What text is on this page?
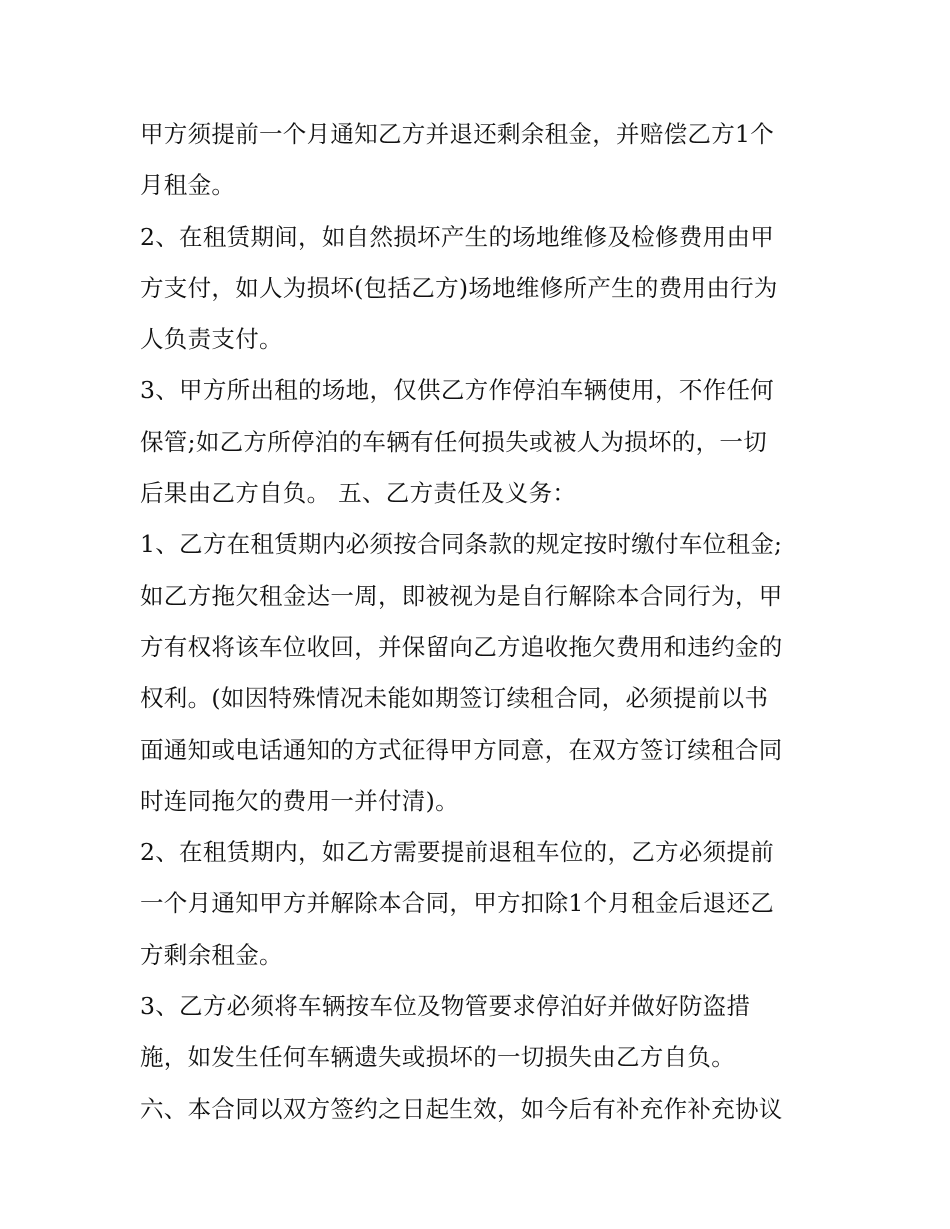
甲方须提前一个月通知乙方并退还剩余租金，并赔偿乙方1个
月租金。
2、在租赁期间，如自然损坏产生的场地维修及检修费用由甲
方支付，如人为损坏(包括乙方)场地维修所产生的费用由行为
人负责支付。
3、甲方所出租的场地，仅供乙方作停泊车辆使用，不作任何
保管;如乙方所停泊的车辆有任何损失或被人为损坏的，一切
后果由乙方自负。 五、乙方责任及义务：
1、乙方在租赁期内必须按合同条款的规定按时缴付车位租金;
如乙方拖欠租金达一周，即被视为是自行解除本合同行为，甲
方有权将该车位收回，并保留向乙方追收拖欠费用和违约金的
权利。(如因特殊情况未能如期签订续租合同，必须提前以书
面通知或电话通知的方式征得甲方同意，在双方签订续租合同
时连同拖欠的费用一并付清)。
2、在租赁期内，如乙方需要提前退租车位的，乙方必须提前
一个月通知甲方并解除本合同，甲方扣除1个月租金后退还乙
方剩余租金。
3、乙方必须将车辆按车位及物管要求停泊好并做好防盗措
施，如发生任何车辆遗失或损坏的一切损失由乙方自负。
六、本合同以双方签约之日起生效，如今后有补充作补充协议
